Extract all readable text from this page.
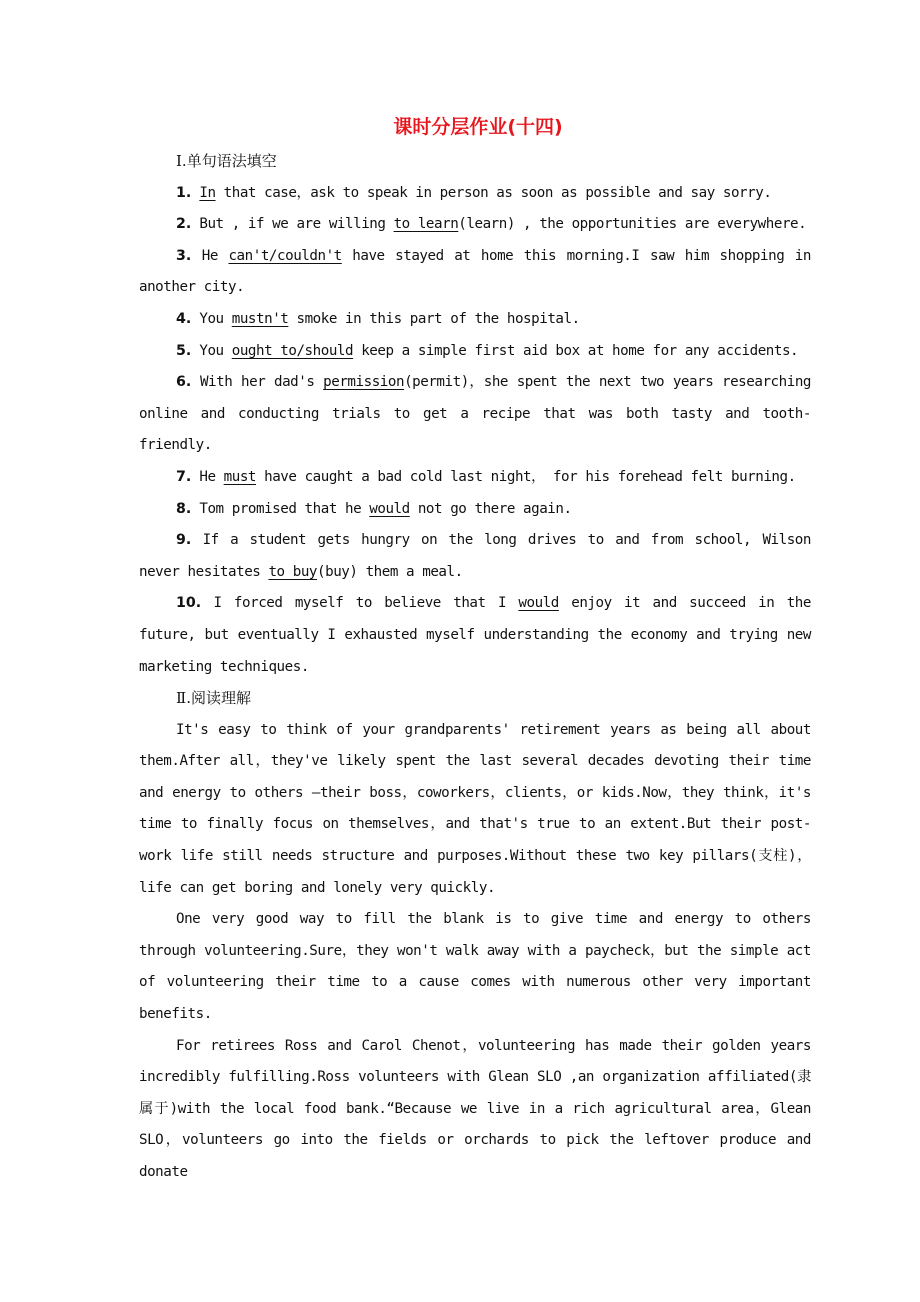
课时分层作业(十四)
Ⅰ.单句语法填空

1. In that case，ask to speak in person as soon as possible and say sorry.

2. But , if we are willing to learn(learn) , the opportunities are everywhere.

3. He can't/couldn't have stayed at home this morning.I saw him shopping in another city.

4. You mustn't smoke in this part of the hospital.

5. You ought to/should keep a simple first aid box at home for any accidents.

6. With her dad's permission(permit)，she spent the next two years researching online and conducting trials to get a recipe that was both tasty and tooth-friendly.

7. He must have caught a bad cold last night， for his forehead felt burning.

8. Tom promised that he would not go there again.

9. If a student gets hungry on the long drives to and from school, Wilson never hesitates to buy(buy) them a meal.

10. I forced myself to believe that I would enjoy it and succeed in the future, but eventually I exhausted myself understanding the economy and trying new marketing techniques.

Ⅱ.阅读理解

It's easy to think of your grandparents' retirement years as being all about them.After all，they've likely spent the last several decades devoting their time and energy to others —their boss，coworkers，clients，or kids.Now，they think，it's time to finally focus on themselves，and that's true to an extent.But their post-work life still needs structure and purposes.Without these two key pillars(支柱)，life can get boring and lonely very quickly.

One very good way to fill the blank is to give time and energy to others through volunteering.Sure，they won't walk away with a paycheck，but the simple act of volunteering their time to a cause comes with numerous other very important benefits.

For retirees Ross and Carol Chenot，volunteering has made their golden years incredibly fulfilling.Ross volunteers with Glean SLO ,an organization affiliated(隶属于)with the local food bank.“Because we live in a rich agricultural area，Glean SLO，volunteers go into the fields or orchards to pick the leftover produce and donate
